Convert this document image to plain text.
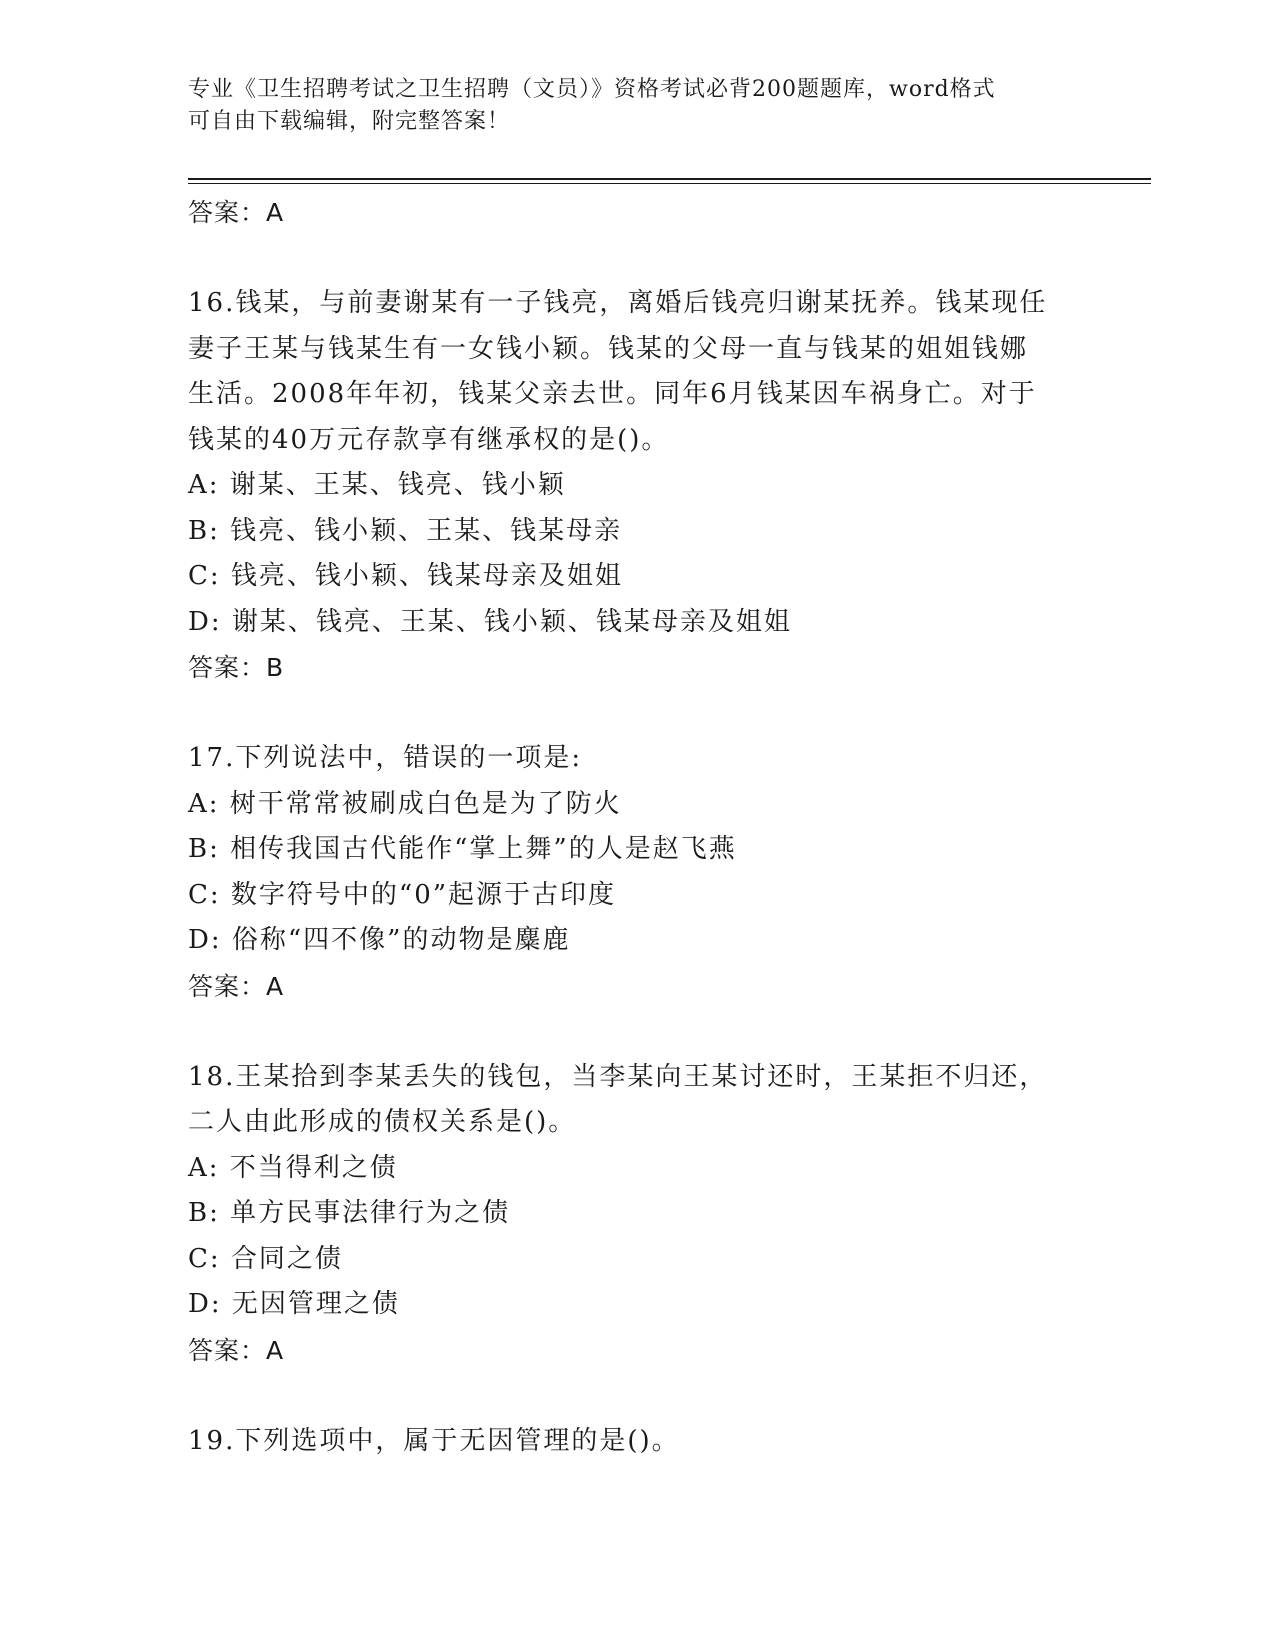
专业《卫生招聘考试之卫生招聘（文员）》资格考试必背200题题库，word格式
可自由下载编辑，附完整答案！
答案：A
16.钱某，与前妻谢某有一子钱亮，离婚后钱亮归谢某抚养。钱某现任
妻子王某与钱某生有一女钱小颖。钱某的父母一直与钱某的姐姐钱娜
生活。2008年年初，钱某父亲去世。同年6月钱某因车祸身亡。对于
钱某的40万元存款享有继承权的是()。
A: 谢某、王某、钱亮、钱小颖
B: 钱亮、钱小颖、王某、钱某母亲
C: 钱亮、钱小颖、钱某母亲及姐姐
D: 谢某、钱亮、王某、钱小颖、钱某母亲及姐姐
答案：B
17.下列说法中，错误的一项是:
A: 树干常常被刷成白色是为了防火
B: 相传我国古代能作“掌上舞”的人是赵飞燕
C: 数字符号中的“0”起源于古印度
D: 俗称“四不像”的动物是麋鹿
答案：A
18.王某拾到李某丢失的钱包，当李某向王某讨还时，王某拒不归还，
二人由此形成的债权关系是()。
A: 不当得利之债
B: 单方民事法律行为之债
C: 合同之债
D: 无因管理之债
答案：A
19.下列选项中，属于无因管理的是()。
